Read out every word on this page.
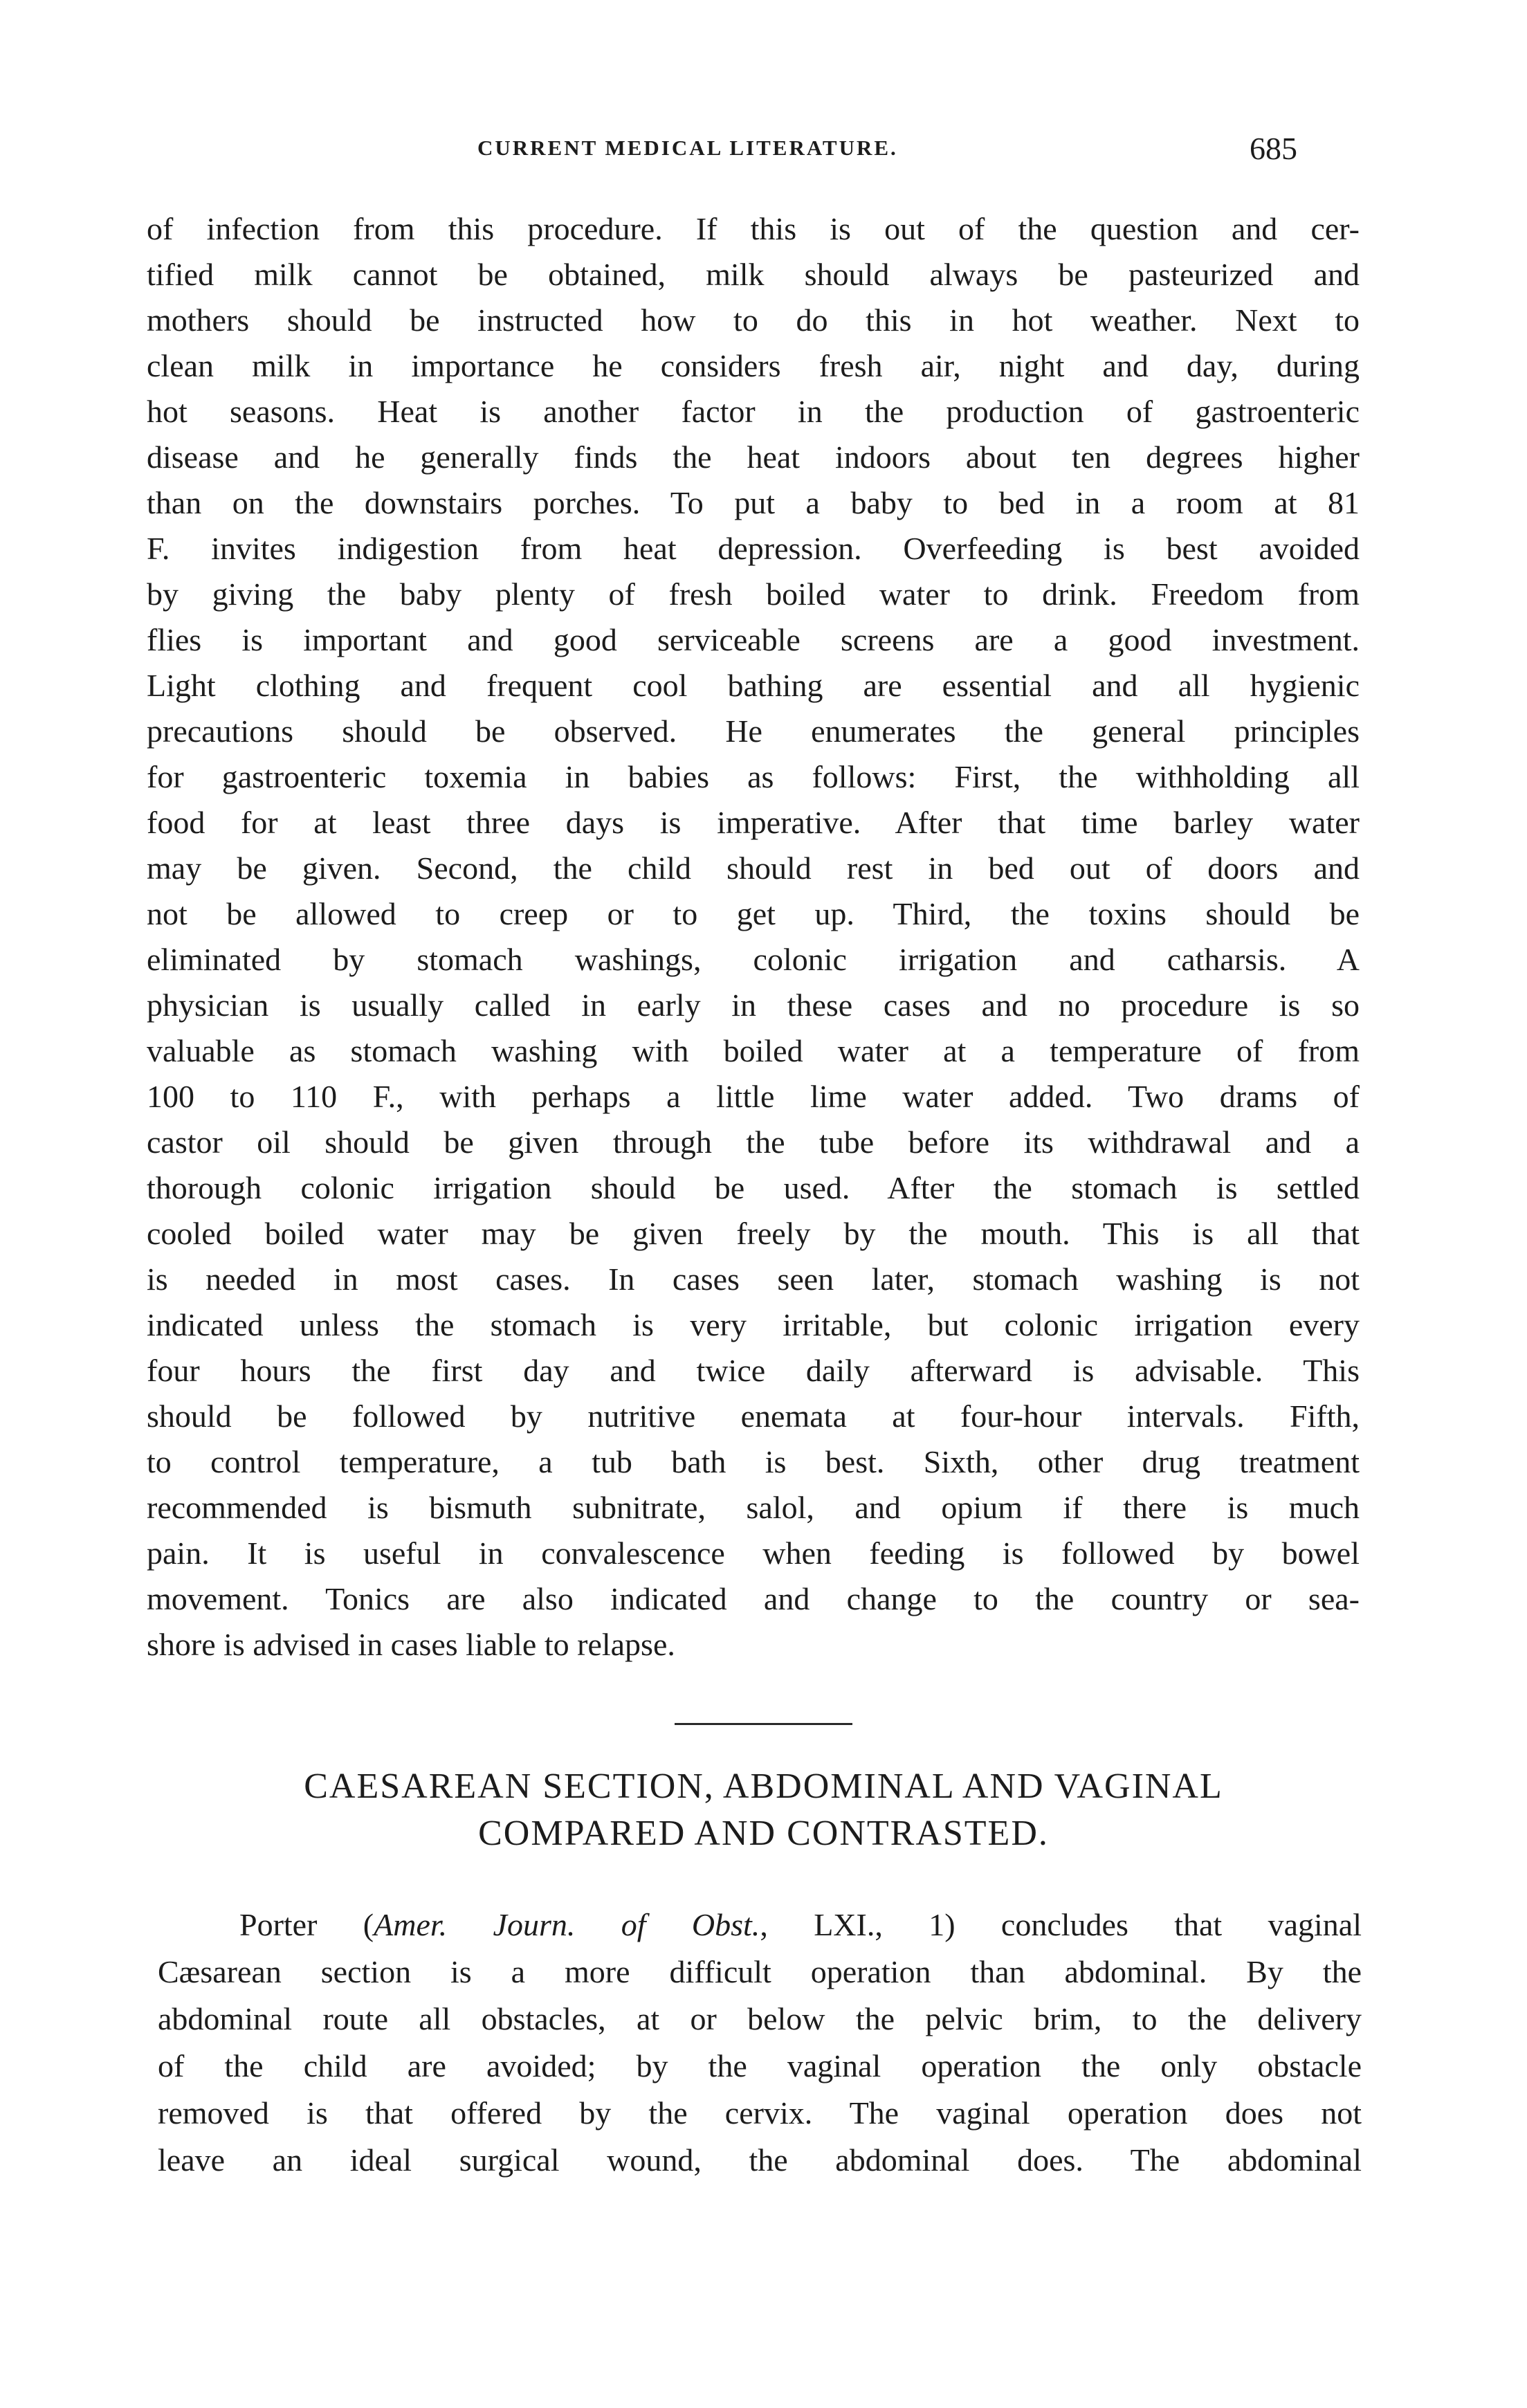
CURRENT MEDICAL LITERATURE.	685
of infection from this procedure. If this is out of the question and cer-
tified milk cannot be obtained, milk should always be pasteurized and
mothers should be instructed how to do this in hot weather. Next to
clean milk in importance he considers fresh air, night and day, during
hot seasons. Heat is another factor in the production of gastroenteric
disease and he generally finds the heat indoors about ten degrees higher
than on the downstairs porches. To put a baby to bed in a room at 81
F. invites indigestion from heat depression. Overfeeding is best avoided
by giving the baby plenty of fresh boiled water to drink. Freedom from
flies is important and good serviceable screens are a good investment.
Light clothing and frequent cool bathing are essential and all hygienic
precautions should be observed. He enumerates the general principles
for gastroenteric toxemia in babies as follows: First, the withholding all
food for at least three days is imperative. After that time barley water
may be given. Second, the child should rest in bed out of doors and
not be allowed to creep or to get up. Third, the toxins should be
eliminated by stomach washings, colonic irrigation and catharsis. A
physician is usually called in early in these cases and no procedure is so
valuable as stomach washing with boiled water at a temperature of from
100 to 110 F., with perhaps a little lime water added. Two drams of
castor oil should be given through the tube before its withdrawal and a
thorough colonic irrigation should be used. After the stomach is settled
cooled boiled water may be given freely by the mouth. This is all that
is needed in most cases. In cases seen later, stomach washing is not
indicated unless the stomach is very irritable, but colonic irrigation every
four hours the first day and twice daily afterward is advisable. This
should be followed by nutritive enemata at four-hour intervals. Fifth,
to control temperature, a tub bath is best. Sixth, other drug treatment
recommended is bismuth subnitrate, salol, and opium if there is much
pain. It is useful in convalescence when feeding is followed by bowel
movement. Tonics are also indicated and change to the country or sea-
shore is advised in cases liable to relapse.
CAESAREAN SECTION, ABDOMINAL AND VAGINAL
COMPARED AND CONTRASTED.
Porter (Amer. Journ. of Obst., LXI., 1) concludes that vaginal
Cæsarean section is a more difficult operation than abdominal. By the
abdominal route all obstacles, at or below the pelvic brim, to the delivery
of the child are avoided; by the vaginal operation the only obstacle
removed is that offered by the cervix. The vaginal operation does not
leave an ideal surgical wound, the abdominal does. The abdominal
